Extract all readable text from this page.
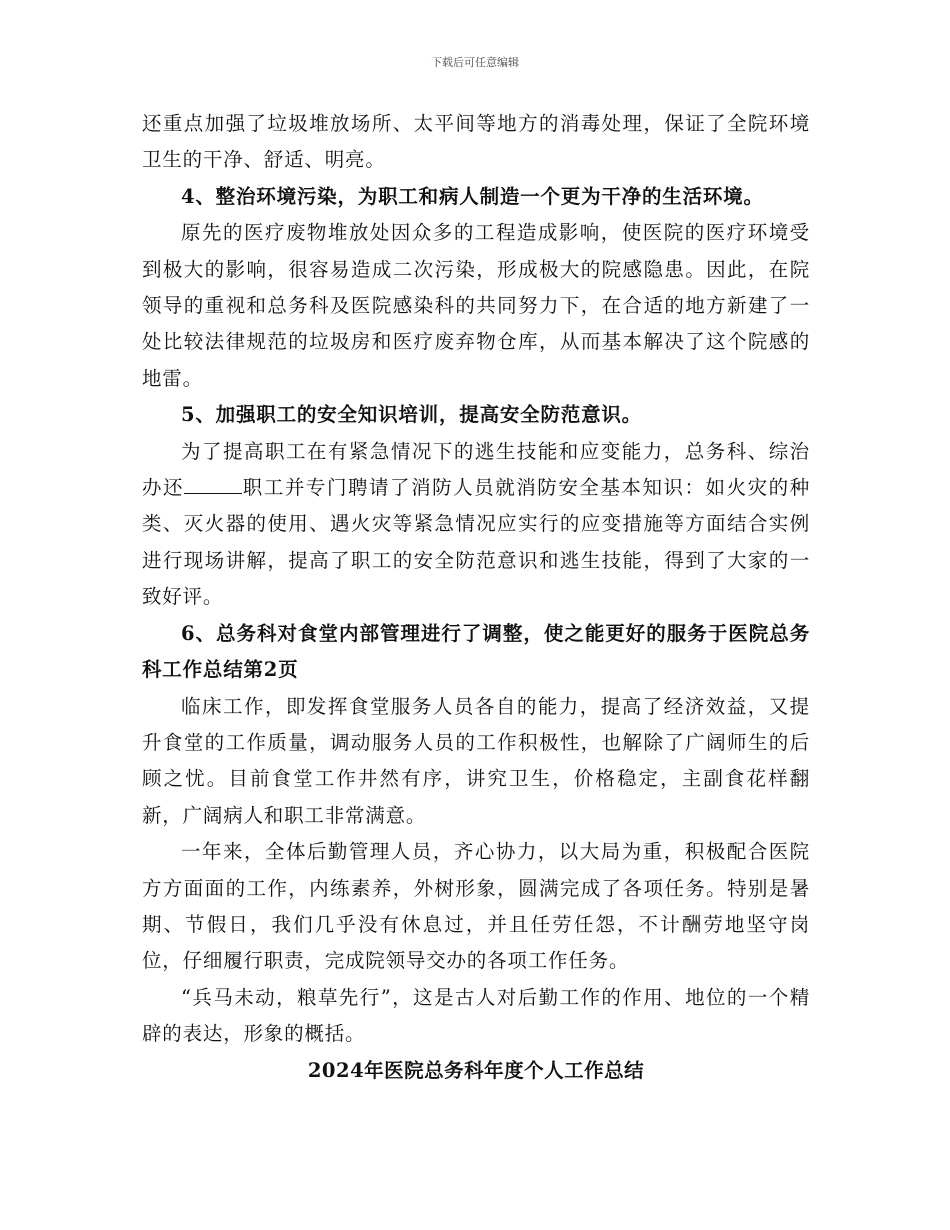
下载后可任意编辑

还重点加强了垃圾堆放场所、太平间等地方的消毒处理，保证了全院环境卫生的干净、舒适、明亮。

4、整治环境污染，为职工和病人制造一个更为干净的生活环境。

原先的医疗废物堆放处因众多的工程造成影响，使医院的医疗环境受到极大的影响，很容易造成二次污染，形成极大的院感隐患。因此，在院领导的重视和总务科及医院感染科的共同努力下，在合适的地方新建了一处比较法律规范的垃圾房和医疗废弃物仓库，从而基本解决了这个院感的地雷。

5、加强职工的安全知识培训，提高安全防范意识。

为了提高职工在有紧急情况下的逃生技能和应变能力，总务科、综治办还	职工并专门聘请了消防人员就消防安全基本知识：如火灾的种类、灭火器的使用、遇火灾等紧急情况应实行的应变措施等方面结合实例进行现场讲解，提高了职工的安全防范意识和逃生技能，得到了大家的一致好评。

6、总务科对食堂内部管理进行了调整，使之能更好的服务于医院总务科工作总结第2页

临床工作，即发挥食堂服务人员各自的能力，提高了经济效益，又提升食堂的工作质量，调动服务人员的工作积极性，也解除了广阔师生的后顾之忧。目前食堂工作井然有序，讲究卫生，价格稳定，主副食花样翻新，广阔病人和职工非常满意。

一年来，全体后勤管理人员，齐心协力，以大局为重，积极配合医院方方面面的工作，内练素养，外树形象，圆满完成了各项任务。特别是暑期、节假日，我们几乎没有休息过，并且任劳任怨，不计酬劳地坚守岗位，仔细履行职责，完成院领导交办的各项工作任务。

“兵马未动，粮草先行”，这是古人对后勤工作的作用、地位的一个精辟的表达，形象的概括。

2024年医院总务科年度个人工作总结
